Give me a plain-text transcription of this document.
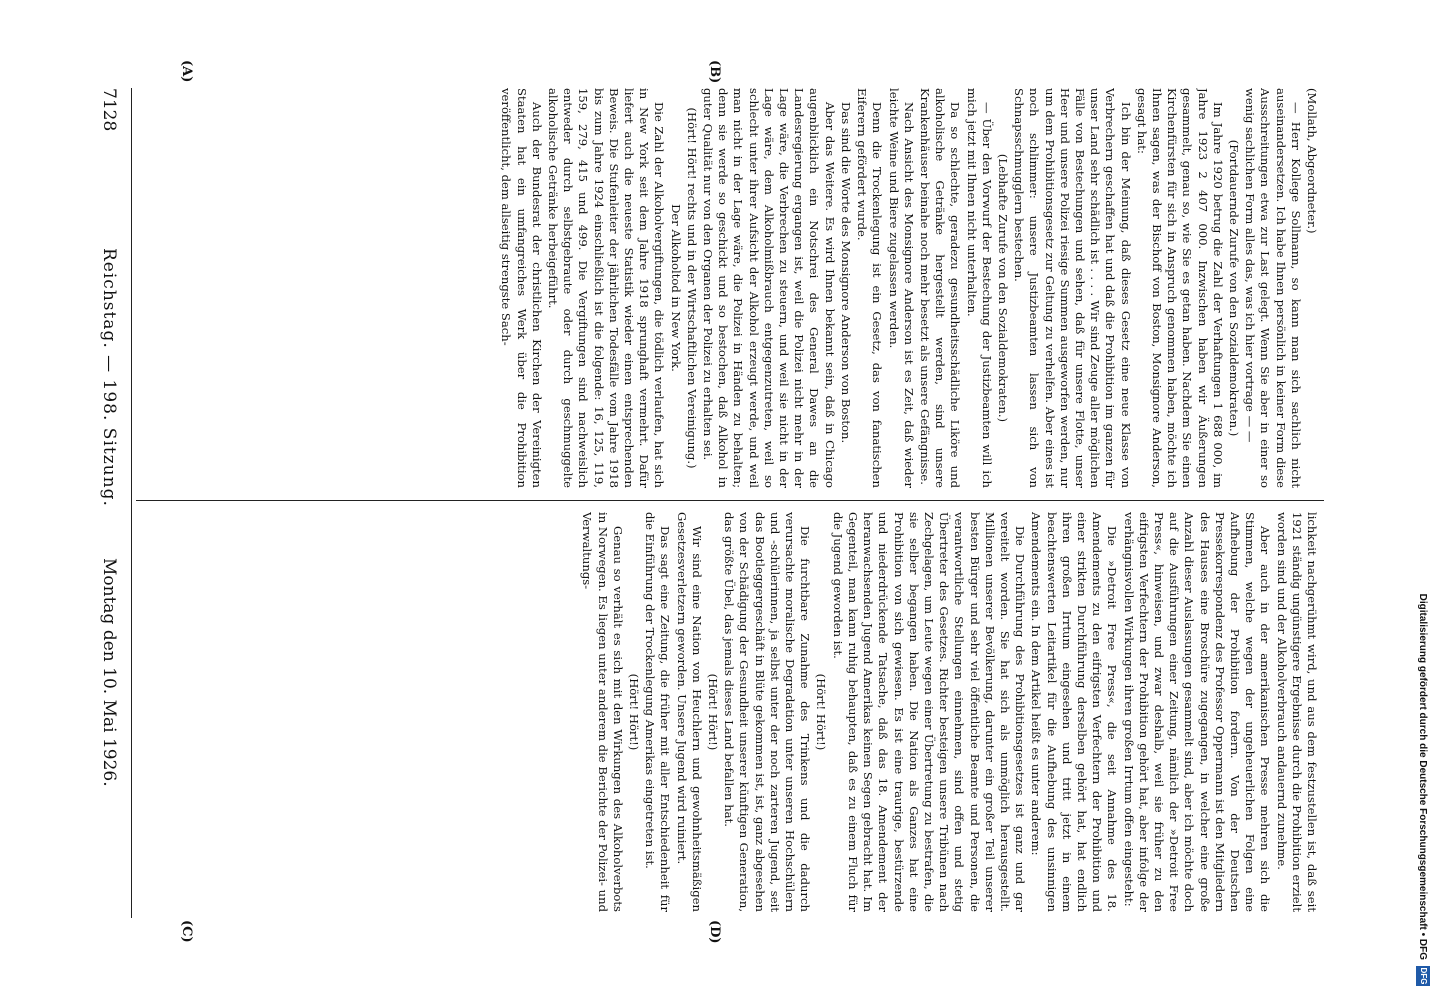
Digitalisierung gefördert durch die Deutsche Forschungsgemeinschaft • DFG
DFG
7128
Reichstag. — 198. Sitzung.
Montag den 10. Mai 1926.
(A)	(B)
(C)	(D)

(Mollath, Abgeordneter.)

— Herr Kollege Sollmann, so kann man sich sachlich nicht auseinandersetzen. Ich habe Ihnen persönlich in keiner Form diese Ausschreitungen etwa zur Last gelegt. Wenn Sie aber in einer so wenig sachlichen Form alles das, was ich hier vortrage — —

(Fortdauernde Zurufe von den Sozialdemokraten.)

Im Jahre 1920 betrug die Zahl der Verhaftungen 1 688 000, im Jahre 1923 2 407 000. Inzwischen haben wir Äußerungen gesammelt, genau so, wie Sie es getan haben. Nachdem Sie einen Kirchenfürsten für sich in Anspruch genommen haben, möchte ich Ihnen sagen, was der Bischoff von Boston, Monsignore Anderson, gesagt hat:

Ich bin der Meinung, daß dieses Gesetz eine neue Klasse von Verbrechern geschaffen hat und daß die Prohibition im ganzen für unser Land sehr schädlich ist . . . . Wir sind Zeuge aller möglichen Fälle von Bestechungen und sehen, daß für unsere Flotte, unser Heer und unsere Polizei riesige Summen ausgeworfen werden, nur um dem Prohibitionsgesetz zur Geltung zu verhelfen. Aber eines ist noch schlimmer: unsere Justizbeamten lassen sich von Schnapsschmugglern bestechen.

(Lebhafte Zurufe von den Sozialdemokraten.)

— Über den Vorwurf der Bestechung der Justizbeamten will ich mich jetzt mit Ihnen nicht unterhalten.

Da so schlechte, geradezu gesundheitsschädliche Liköre und alkoholische Getränke hergestellt werden, sind unsere Krankenhäuser beinahe noch mehr besetzt als unsere Gefängnisse.

Nach Ansicht des Monsignore Anderson ist es Zeit, daß wieder leichte Weine und Biere zugelassen werden.

Denn die Trockenlegung ist ein Gesetz, das von fanatischen Eiferern gefördert wurde.

Das sind die Worte des Monsignore Anderson von Boston.

Aber das Weitere. Es wird Ihnen bekannt sein, daß in Chicago augenblicklich ein Notschrei des General Dawes an die Landesregierung ergangen ist, weil die Polizei nicht mehr in der Lage wäre, die Verbrechen zu steuern, und weil sie nicht in der Lage wäre, dem Alkoholmißbrauch entgegenzutreten, weil so schlecht unter ihrer Aufsicht der Alkohol erzeugt werde, und weil man nicht in der Lage wäre, die Polizei in Händen zu behalten; denn sie werde so geschickt und so bestochen, daß Alkohol in guter Qualität nur von den Organen der Polizei zu erhalten sei.

(Hört! Hört! rechts und in der Wirtschaftlichen Vereinigung.)

Der Alkoholtod in New York.

Die Zahl der Alkoholvergiftungen, die tödlich verlaufen, hat sich in New York seit dem Jahre 1918 sprunghaft vermehrt. Dafür liefert auch die neueste Statistik wieder einen entsprechenden Beweis. Die Stufenleiter der jährlichen Todesfälle vom Jahre 1918 bis zum Jahre 1924 einschließlich ist die folgende: 16, 125, 119, 159, 279, 415 und 499. Die Vergiftungen sind nachweislich entweder durch selbstgebraute oder durch geschmuggelte alkoholische Getränke herbeigeführt.

Auch der Bundesrat der christlichen Kirchen der Vereinigten Staaten hat ein umfangreiches Werk über die Prohibition veröffentlicht, dem allseitig strengste Sach-

lichkeit nachgerühmt wird, und aus dem festzustellen ist, daß seit 1921 ständig ungünstigere Ergebnisse durch die Prohibition erzielt worden sind und der Alkoholverbrauch andauernd zunehme.

Aber auch in der amerikanischen Presse mehren sich die Stimmen, welche wegen der ungeheuerlichen Folgen eine Aufhebung der Prohibition fordern. Von der Deutschen Pressekorrespondenz des Professor Oppermann ist den Mitgliedern des Hauses eine Broschüre zugegangen, in welcher eine große Anzahl dieser Auslassungen gesammelt sind, aber ich möchte doch auf die Ausführungen einer Zeitung, nämlich der »Detroit Free Press«, hinweisen, und zwar deshalb, weil sie früher zu den eifrigsten Verfechtern der Prohibition gehört hat, aber infolge der verhängnisvollen Wirkungen ihren großen Irrtum offen eingesteht:

Die »Detroit Free Press«, die seit Annahme des 18. Amendements zu den eifrigsten Verfechtern der Prohibition und einer strikten Durchführung derselben gehört hat, hat endlich ihren großen Irrtum eingesehen und tritt jetzt in einem beachtenswerten Leitartikel für die Aufhebung des unsinnigen Amendements ein. In dem Artikel heißt es unter anderem:

Die Durchführung des Prohibitionsgesetzes ist ganz und gar vereitelt worden. Sie hat sich als unmöglich herausgestellt. Millionen unserer Bevölkerung, darunter ein großer Teil unserer besten Bürger und sehr viel öffentliche Beamte und Personen, die verantwortliche Stellungen einnehmen, sind offen und stetig Übertreter des Gesetzes. Richter besteigen unsere Tribünen nach Zechgelagen, um Leute wegen einer Übertretung zu bestrafen, die sie selber begangen haben. Die Nation als Ganzes hat eine Prohibition von sich gewiesen. Es ist eine traurige, bestürzende und niederdrückende Tatsache, daß das 18. Amendement der heranwachsenden Jugend Amerikas keinen Segen gebracht hat. Im Gegenteil, man kann ruhig behaupten, daß es zu einem Fluch für die Jugend geworden ist.

(Hört! Hört!)

Die furchtbare Zunahme des Trinkens und die dadurch verursachte moralische Degradation unter unseren Hochschülern und -schülerinnen, ja selbst unter der noch zarteren Jugend, seit das Bootleggergeschäft in Blüte gekommen ist, ist, ganz abgesehen von der Schädigung der Gesundheit unserer künftigen Generation, das größte Übel, das jemals dieses Land befallen hat.

(Hört! Hört!)

Wir sind eine Nation von Heuchlern und gewohnheitsmäßigen Gesetzesverletzern geworden. Unsere Jugend wird ruiniert.

Das sagt eine Zeitung, die früher mit aller Entschiedenheit für die Einführung der Trockenlegung Amerikas eingetreten ist.

(Hört! Hört!)

Genau so verhält es sich mit den Wirkungen des Alkoholverbots in Norwegen. Es liegen unter anderem die Berichte der Polizei- und Verwaltungs-
